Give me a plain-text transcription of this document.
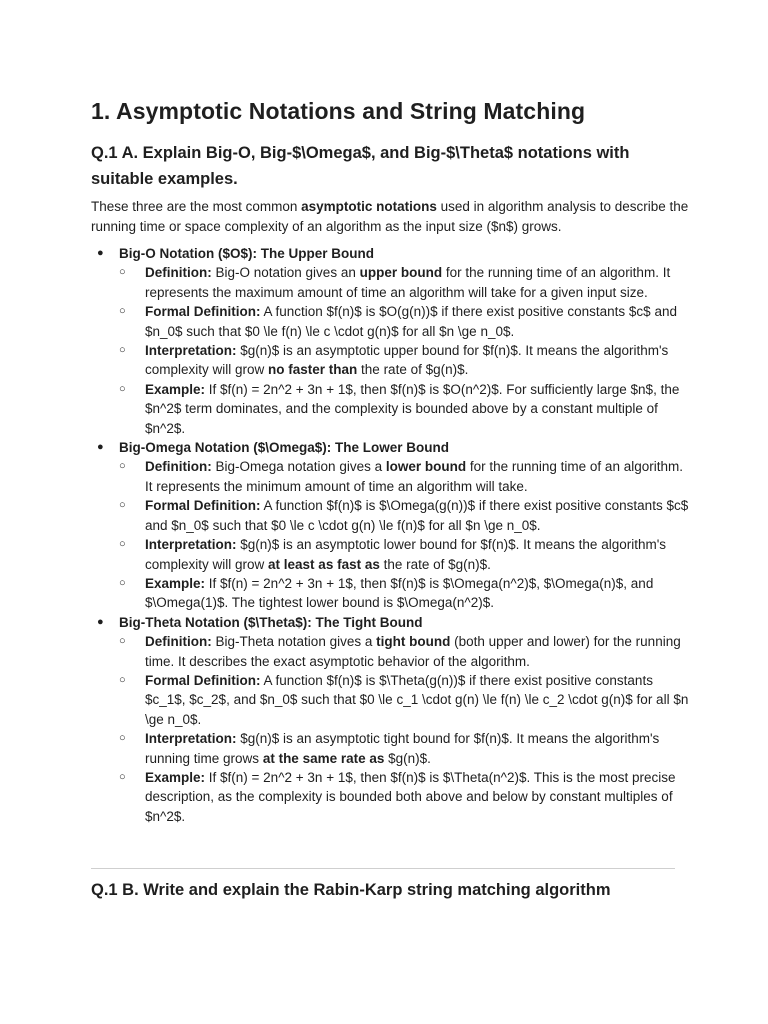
1. Asymptotic Notations and String Matching
Q.1 A. Explain Big-O, Big-$\Omega$, and Big-$\Theta$ notations with suitable examples.

These three are the most common asymptotic notations used in algorithm analysis to describe the running time or space complexity of an algorithm as the input size ($n$) grows.

● Big-O Notation ($O$): The Upper Bound
○ Definition: Big-O notation gives an upper bound for the running time of an algorithm. It represents the maximum amount of time an algorithm will take for a given input size.
○ Formal Definition: A function $f(n)$ is $O(g(n))$ if there exist positive constants $c$ and $n_0$ such that $0 \le f(n) \le c \cdot g(n)$ for all $n \ge n_0$.
○ Interpretation: $g(n)$ is an asymptotic upper bound for $f(n)$. It means the algorithm's complexity will grow no faster than the rate of $g(n)$.
○ Example: If $f(n) = 2n^2 + 3n + 1$, then $f(n)$ is $O(n^2)$. For sufficiently large $n$, the $n^2$ term dominates, and the complexity is bounded above by a constant multiple of $n^2$.
● Big-Omega Notation ($\Omega$): The Lower Bound
○ Definition: Big-Omega notation gives a lower bound for the running time of an algorithm. It represents the minimum amount of time an algorithm will take.
○ Formal Definition: A function $f(n)$ is $\Omega(g(n))$ if there exist positive constants $c$ and $n_0$ such that $0 \le c \cdot g(n) \le f(n)$ for all $n \ge n_0$.
○ Interpretation: $g(n)$ is an asymptotic lower bound for $f(n)$. It means the algorithm's complexity will grow at least as fast as the rate of $g(n)$.
○ Example: If $f(n) = 2n^2 + 3n + 1$, then $f(n)$ is $\Omega(n^2)$, $\Omega(n)$, and $\Omega(1)$. The tightest lower bound is $\Omega(n^2)$.
● Big-Theta Notation ($\Theta$): The Tight Bound
○ Definition: Big-Theta notation gives a tight bound (both upper and lower) for the running time. It describes the exact asymptotic behavior of the algorithm.
○ Formal Definition: A function $f(n)$ is $\Theta(g(n))$ if there exist positive constants $c_1$, $c_2$, and $n_0$ such that $0 \le c_1 \cdot g(n) \le f(n) \le c_2 \cdot g(n)$ for all $n \ge n_0$.
○ Interpretation: $g(n)$ is an asymptotic tight bound for $f(n)$. It means the algorithm's running time grows at the same rate as $g(n)$.
○ Example: If $f(n) = 2n^2 + 3n + 1$, then $f(n)$ is $\Theta(n^2)$. This is the most precise description, as the complexity is bounded both above and below by constant multiples of $n^2$.
Q.1 B. Write and explain the Rabin-Karp string matching algorithm
